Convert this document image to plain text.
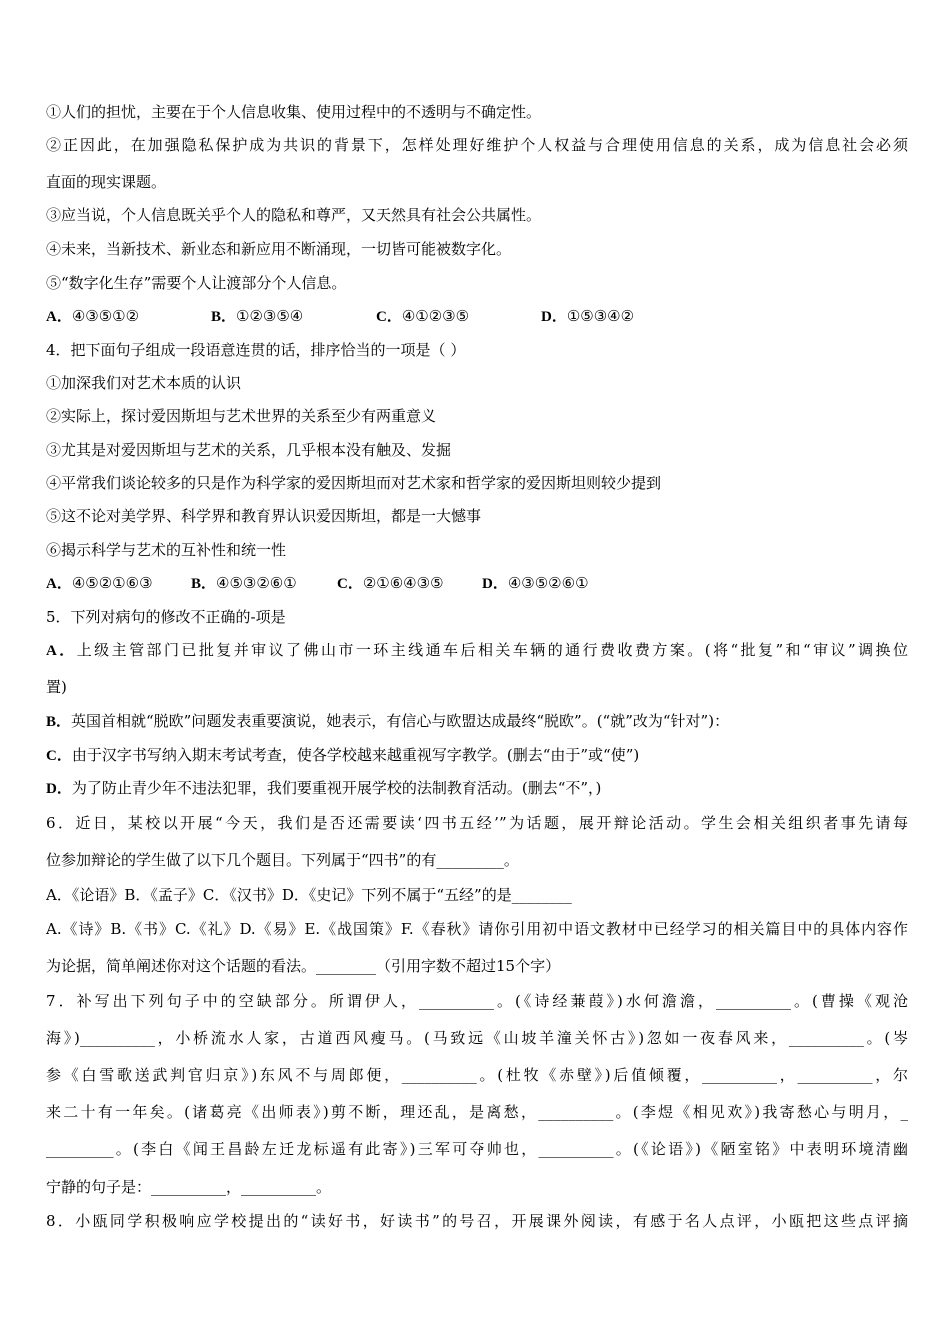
①人们的担忧，主要在于个人信息收集、使用过程中的不透明与不确定性。
②正因此，在加强隐私保护成为共识的背景下，怎样处理好维护个人权益与合理使用信息的关系，成为信息社会必须
直面的现实课题。
③应当说，个人信息既关乎个人的隐私和尊严，又天然具有社会公共属性。
④未来，当新技术、新业态和新应用不断涌现，一切皆可能被数字化。
⑤“数字化生存”需要个人让渡部分个人信息。
A．④③⑤①②	B．①②③⑤④	C．④①②③⑤	D．①⑤③④②
4．把下面句子组成一段语意连贯的话，排序恰当的一项是（ ）
①加深我们对艺术本质的认识
②实际上，探讨爱因斯坦与艺术世界的关系至少有两重意义
③尤其是对爱因斯坦与艺术的关系，几乎根本没有触及、发掘
④平常我们谈论较多的只是作为科学家的爱因斯坦而对艺术家和哲学家的爱因斯坦则较少提到
⑤这不论对美学界、科学界和教育界认识爱因斯坦，都是一大憾事
⑥揭示科学与艺术的互补性和统一性
A．④⑤②①⑥③	B．④⑤③②⑥①	C．②①⑥④③⑤	D．④③⑤②⑥①
5．下列对病句的修改不正确的-项是
A．上级主管部门已批复并审议了佛山市一环主线通车后相关车辆的通行费收费方案。(将“批复”和“审议”调换位
置)
B．英国首相就“脱欧”问题发表重要演说，她表示，有信心与欧盟达成最终“脱欧”。(“就”改为“针对”)：
C．由于汉字书写纳入期末考试考查，使各学校越来越重视写字教学。(删去“由于”或“使”)
D．为了防止青少年不违法犯罪，我们要重视开展学校的法制教育活动。(删去“不”，)
6．近日，某校以开展“今天，我们是否还需要读‘四书五经’”为话题，展开辩论活动。学生会相关组织者事先请每
位参加辩论的学生做了以下几个题目。下列属于“四书”的有_________。
A．《论语》B．《孟子》C．《汉书》D．《史记》下列不属于“五经”的是________
A.《诗》B.《书》C.《礼》D.《易》E.《战国策》F.《春秋》请你引用初中语文教材中已经学习的相关篇目中的具体内容作
为论据，简单阐述你对这个话题的看法。________（引用字数不超过15个字）
7．补写出下列句子中的空缺部分。所谓伊人，__________。(《诗经蒹葭》)水何澹澹，__________。(曹操《观沧
海》)__________，小桥流水人家，古道西风瘦马。(马致远《山坡羊潼关怀古》)忽如一夜春风来，__________。(岑
参《白雪歌送武判官归京》)东风不与周郎便，__________。(杜牧《赤壁》)后值倾覆，__________，__________，尔
来二十有一年矣。(诸葛亮《出师表》)剪不断，理还乱，是离愁，__________。(李煜《相见欢》)我寄愁心与明月，_
_________。(李白《闻王昌龄左迁龙标遥有此寄》)三军可夺帅也，__________。(《论语》)《陋室铭》中表明环境清幽
宁静的句子是：__________，__________。
8．小瓯同学积极响应学校提出的“读好书，好读书”的号召，开展课外阅读，有感于名人点评，小瓯把这些点评摘
